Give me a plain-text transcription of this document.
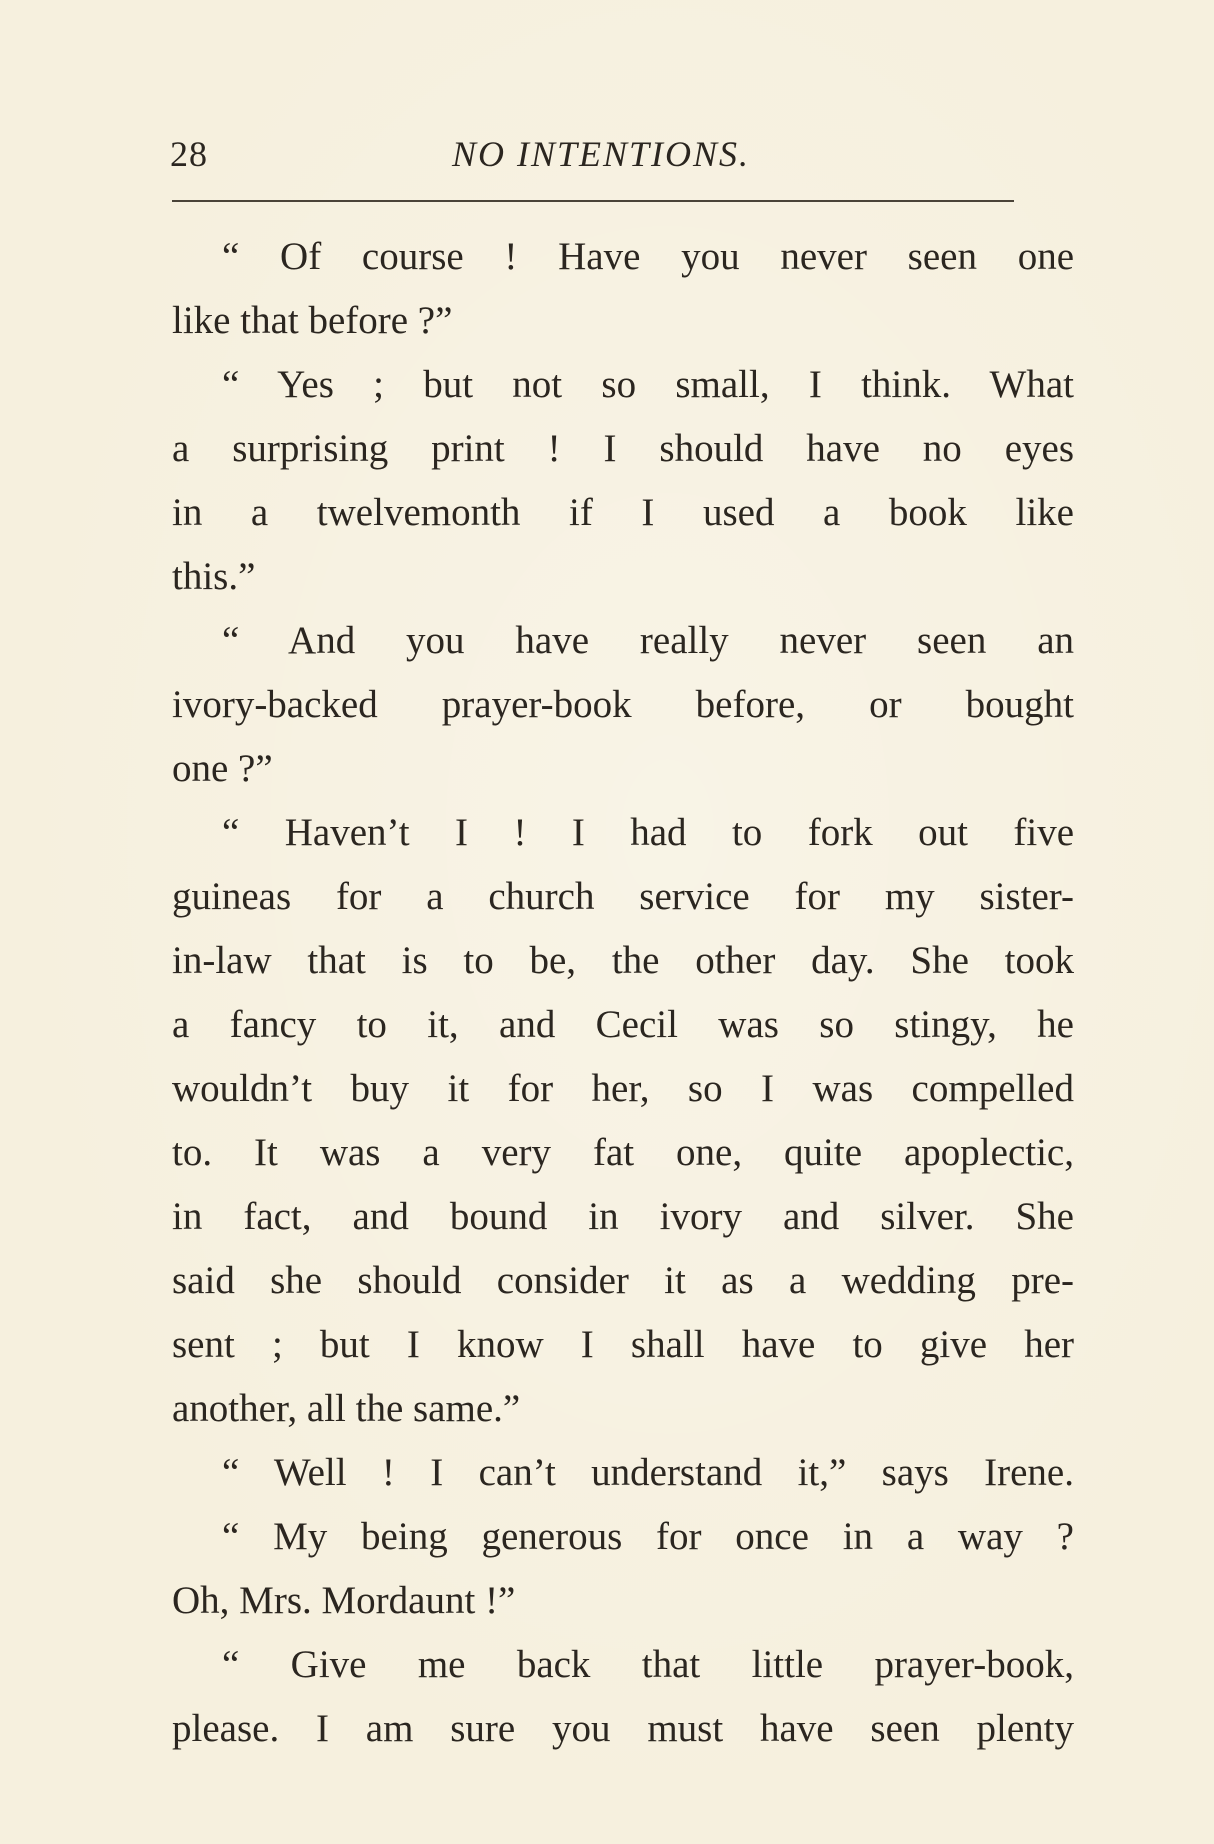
28	NO INTENTIONS.
“ Of course ! Have you never seen one
like that before ?”
“ Yes ; but not so small, I think. What
a surprising print ! I should have no eyes
in a twelvemonth if I used a book like
this.”
“ And you have really never seen an
ivory-backed prayer-book before, or bought
one ?”
“ Haven’t I ! I had to fork out five
guineas for a church service for my sister-
in-law that is to be, the other day. She took
a fancy to it, and Cecil was so stingy, he
wouldn’t buy it for her, so I was compelled
to. It was a very fat one, quite apoplectic,
in fact, and bound in ivory and silver. She
said she should consider it as a wedding pre-
sent ; but I know I shall have to give her
another, all the same.”
“ Well ! I can’t understand it,” says Irene.
“ My being generous for once in a way ?
Oh, Mrs. Mordaunt !”
“ Give me back that little prayer-book,
please. I am sure you must have seen plenty
